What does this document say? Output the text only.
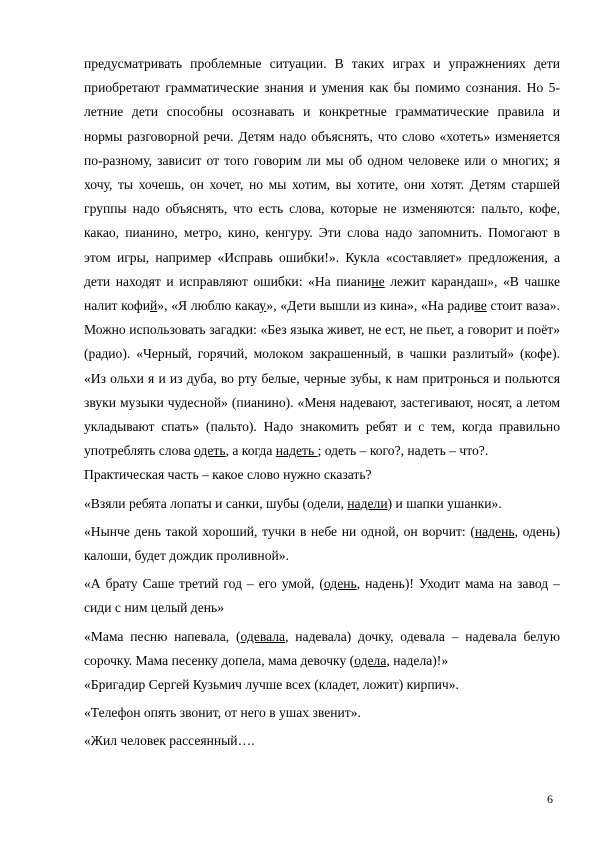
предусматривать проблемные ситуации. В таких играх и упражнениях дети приобретают грамматические знания и умения как бы помимо сознания. Но 5-летние дети способны осознавать и конкретные грамматические правила и нормы разговорной речи. Детям надо объяснять, что слово «хотеть» изменяется по-разному, зависит от того говорим ли мы об одном человеке или о многих; я хочу, ты хочешь, он хочет, но мы хотим, вы хотите, они хотят. Детям старшей группы надо объяснять, что есть слова, которые не изменяются: пальто, кофе, какао, пианино, метро, кино, кенгуру. Эти слова надо запомнить. Помогают в этом игры, например «Исправь ошибки!». Кукла «составляет» предложения, а дети находят и исправляют ошибки: «На пианине лежит карандаш», «В чашке налит кофий», «Я люблю какау», «Дети вышли из кина», «На радиве стоит ваза». Можно использовать загадки: «Без языка живет, не ест, не пьет, а говорит и поёт» (радио). «Черный, горячий, молоком закрашенный, в чашки разлитый» (кофе). «Из ольхи я и из дуба, во рту белые, черные зубы, к нам притронься и польются звуки музыки чудесной» (пианино). «Меня надевают, застегивают, носят, а летом укладывают спать» (пальто). Надо знакомить ребят и с тем, когда правильно употреблять слова одеть, а когда надеть ; одеть – кого?, надеть – что?.

Практическая часть – какое слово нужно сказать?

«Взяли ребята лопаты и санки, шубы (одели, надели) и шапки ушанки».

«Нынче день такой хороший, тучки в небе ни одной, он ворчит: (надень, одень) калоши, будет дождик проливной».

«А брату Саше третий год – его умой, (одень, надень)! Уходит мама на завод – сиди с ним целый день»

«Мама песню напевала, (одевала, надевала) дочку, одевала – надевала белую сорочку. Мама песенку допела, мама девочку (одела, надела)!»

«Бригадир Сергей Кузьмич лучше всех (кладет, ложит) кирпич».

«Телефон опять звонит, от него в ушах звенит».

«Жил человек рассеянный….

6
